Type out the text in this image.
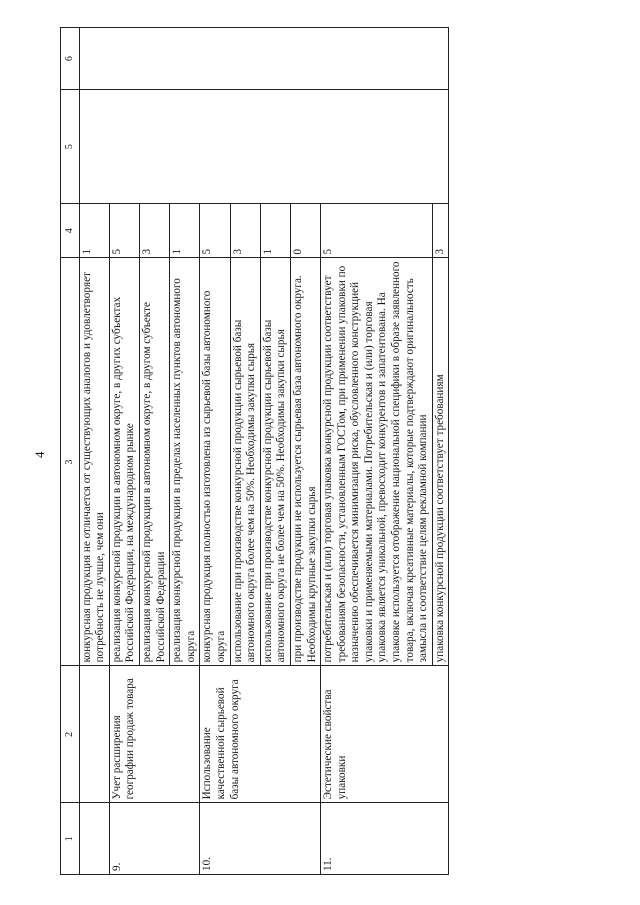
4
1	2	3	4	5	6
		конкурсная продукция не отличается от существующих аналогов и удовлетворяет потребность не лучше, чем они	1		
9.	Учет расширения географии продаж товара	реализация конкурсной продукции в автономном округе, в других субъектах Российской Федерации, на международном рынке	5		
		реализация конкурсной продукции в автономном округе, в другом субъекте Российской Федерации	3		
		реализация конкурсной продукции в пределах населенных пунктов автономного округа	1		
10.	Использование качественной сырьевой базы автономного округа	конкурсная продукция полностью изготовлена из сырьевой базы автономного округа	5		
		использование при производстве конкурсной продукции сырьевой базы автономного округа более чем на 50%. Необходимы закупки сырья	3		
		использование при производстве конкурсной продукции сырьевой базы автономного округа не более чем на 50%. Необходимы закупки сырья	1		
		при производстве продукции не используется сырьевая база автономного округа. Необходимы крупные закупки сырья	0		
11.	Эстетические свойства упаковки	потребительская и (или) торговая упаковка конкурсной продукции соответствует требованиям безопасности, установленным ГОСТом, при применении упаковки по назначению обеспечивается минимизация риска, обусловленного конструкцией упаковки и применяемыми материалами. Потребительская и (или) торговая упаковка является уникальной, превосходит конкурентов и запатентована. На упаковке используется отображение национальной специфики в образе заявленного товара, включая креативные материалы, которые подтверждают оригинальность замысла и соответствие целям рекламной компании	5		
		упаковка конкурсной продукции соответствует требованиям	3		
